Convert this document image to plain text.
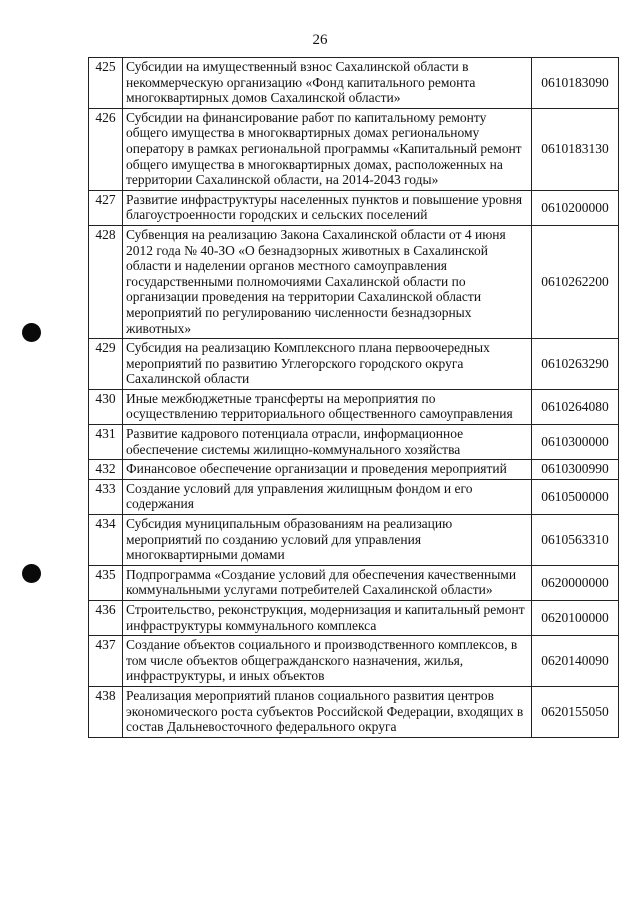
26
425	Субсидии на имущественный взнос Сахалинской области в некоммерческую организацию «Фонд капитального ремонта многоквартирных домов Сахалинской области»	0610183090
426	Субсидии на финансирование работ по капитальному ремонту общего имущества в многоквартирных домах региональному оператору в рамках региональной программы «Капитальный ремонт общего имущества в многоквартирных домах, расположенных на территории Сахалинской области, на 2014-2043 годы»	0610183130
427	Развитие инфраструктуры населенных пунктов и повышение уровня благоустроенности городских и сельских поселений	0610200000
428	Субвенция на реализацию Закона Сахалинской области от 4 июня 2012 года № 40-ЗО «О безнадзорных животных в Сахалинской области и наделении органов местного самоуправления государственными полномочиями Сахалинской области по организации проведения на территории Сахалинской области мероприятий по регулированию численности безнадзорных животных»	0610262200
429	Субсидия на реализацию Комплексного плана первоочередных мероприятий по развитию Углегорского городского округа Сахалинской области	0610263290
430	Иные межбюджетные трансферты на мероприятия по осуществлению территориального общественного самоуправления	0610264080
431	Развитие кадрового потенциала отрасли, информационное обеспечение системы жилищно-коммунального хозяйства	0610300000
432	Финансовое обеспечение организации и проведения мероприятий	0610300990
433	Создание условий для управления жилищным фондом и его содержания	0610500000
434	Субсидия муниципальным образованиям на реализацию мероприятий по созданию условий для управления многоквартирными домами	0610563310
435	Подпрограмма «Создание условий для обеспечения качественными коммунальными услугами потребителей Сахалинской области»	0620000000
436	Строительство, реконструкция, модернизация и капитальный ремонт инфраструктуры коммунального комплекса	0620100000
437	Создание объектов социального и производственного комплексов, в том числе объектов общегражданского назначения, жилья, инфраструктуры, и иных объектов	0620140090
438	Реализация мероприятий планов социального развития центров экономического роста субъектов Российской Федерации, входящих в состав Дальневосточного федерального округа	0620155050
